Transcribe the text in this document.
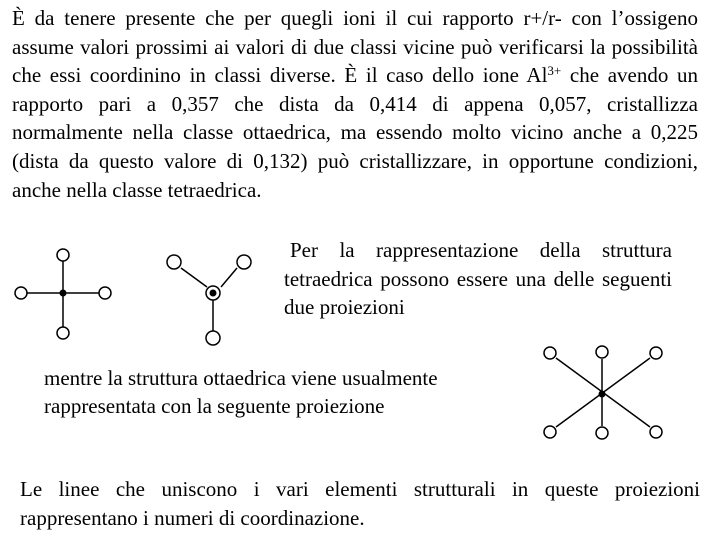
È da tenere presente che per quegli ioni il cui rapporto r+/r- con l’ossigeno assume valori prossimi ai valori di due classi vicine può verificarsi la possibilità che essi coordinino in classi diverse. È il caso dello ione $Al^{3+}$ che avendo un rapporto pari a 0,357 che dista da 0,414 di appena 0,057, cristallizza normalmente nella classe ottaedrica, ma essendo molto vicino anche a 0,225 (dista da questo valore di 0,132) può cristallizzare, in opportune condizioni, anche nella classe tetraedrica.
Per la rappresentazione della struttura tetraedrica possono essere una delle seguenti due proiezioni
mentre la struttura ottaedrica viene usualmente rappresentata con la seguente proiezione
Le linee che uniscono i vari elementi strutturali in queste proiezioni rappresentano i numeri di coordinazione.
